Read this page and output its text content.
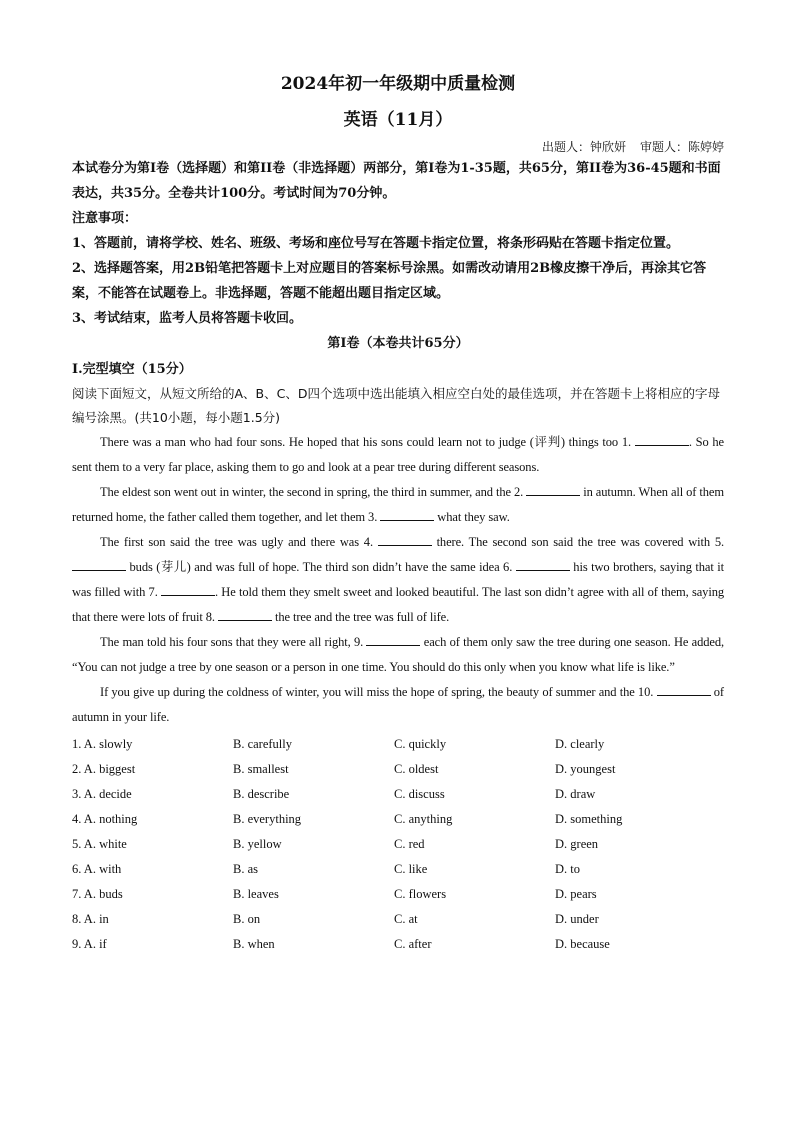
2024年初一年级期中质量检测
英语（11月）
出题人：钟欣妍 审题人：陈婷婷

本试卷分为第I卷（选择题）和第II卷（非选择题）两部分，第I卷为1-35题，共65分，第II卷为36-45题和书面表达，共35分。全卷共计100分。考试时间为70分钟。

注意事项：

1、答题前，请将学校、姓名、班级、考场和座位号写在答题卡指定位置，将条形码贴在答题卡指定位置。

2、选择题答案，用2B铅笔把答题卡上对应题目的答案标号涂黑。如需改动请用2B橡皮擦干净后，再涂其它答案，不能答在试题卷上。非选择题，答题不能超出题目指定区域。

3、考试结束，监考人员将答题卡收回。

第I卷（本卷共计65分）
I.完型填空（15分）
阅读下面短文，从短文所给的A、B、C、D四个选项中选出能填入相应空白处的最佳选项，并在答题卡上将相应的字母编号涂黑。(共10小题，每小题1.5分)

There was a man who had four sons. He hoped that his sons could learn not to judge (评判) things too 1.	. So he sent them to a very far place, asking them to go and look at a pear tree during different seasons.

The eldest son went out in winter, the second in spring, the third in summer, and the 2.	in autumn. When all of them returned home, the father called them together, and let them 3.	what they saw.

The first son said the tree was ugly and there was 4.	there. The second son said the tree was covered with 5.  buds (芽儿) and was full of hope. The third son didn’t have the same idea 6.	his two brothers, saying that it was filled with 7.	. He told them they smelt sweet and looked beautiful. The last son didn’t agree with all of them, saying that there were lots of fruit 8.	the tree and the tree was full of life.

The man told his four sons that they were all right, 9.	each of them only saw the tree during one season. He added, “You can not judge a tree by one season or a person in one time. You should do this only when you know what life is like.”

If you give up during the coldness of winter, you will miss the hope of spring, the beauty of summer and the 10.	of autumn in your life.

1. A. slowly	B. carefully	C. quickly	D. clearly
2. A. biggest	B. smallest	C. oldest	D. youngest
3. A. decide	B. describe	C. discuss	D. draw
4. A. nothing	B. everything	C. anything	D. something
5. A. white	B. yellow	C. red	D. green
6. A. with	B. as	C. like	D. to
7. A. buds	B. leaves	C. flowers	D. pears
8. A. in	B. on	C. at	D. under
9. A. if	B. when	C. after	D. because
